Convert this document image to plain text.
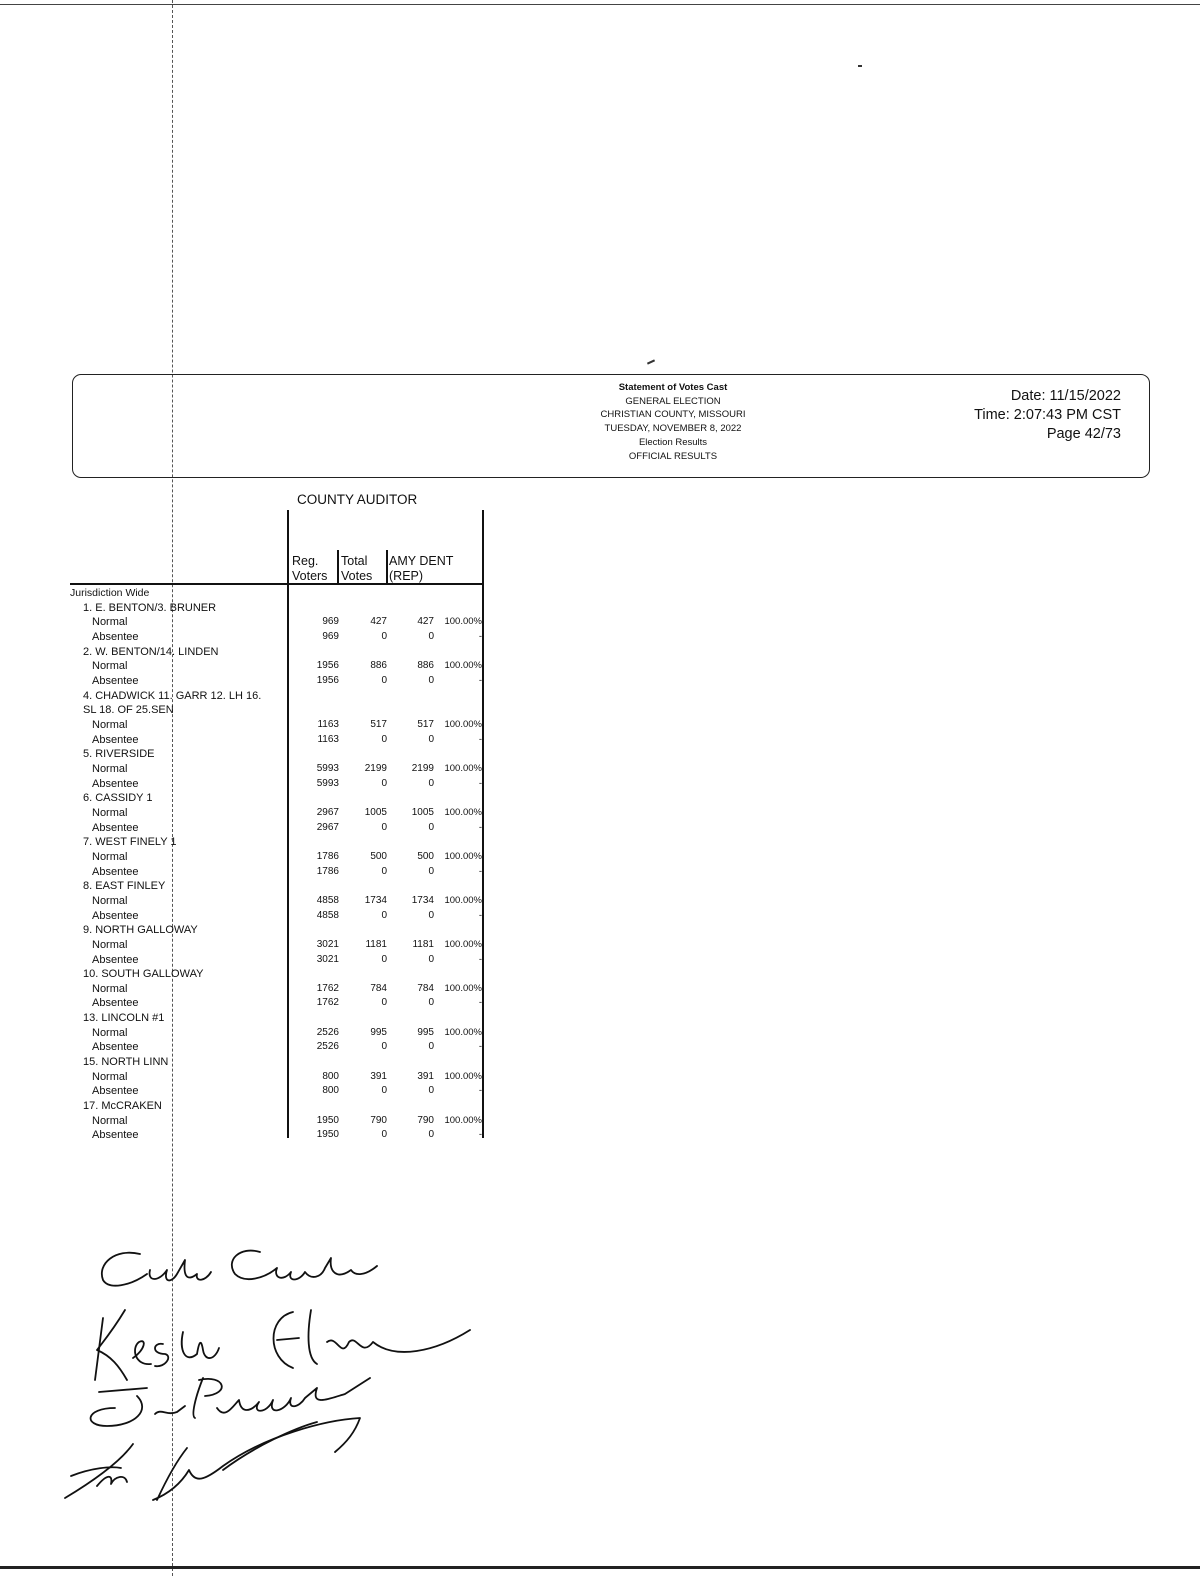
Statement of Votes Cast
GENERAL ELECTION
CHRISTIAN COUNTY, MISSOURI
TUESDAY, NOVEMBER 8, 2022
Election Results
OFFICIAL RESULTS
Date: 11/15/2022
Time: 2:07:43 PM CST
Page 42/73
COUNTY AUDITOR
Reg.
Voters
Total
Votes
AMY DENT
(REP)
Jurisdiction Wide
1. E. BENTON/3. BRUNER
Normal	969	427	427 100.00%
Absentee	969	0	0	-
2. W. BENTON/14. LINDEN
Normal	1956	886	886 100.00%
Absentee	1956	0	0	-
4. CHADWICK 11. GARR 12. LH 16.
SL 18. OF 25.SEN
Normal	1163	517	517 100.00%
Absentee	1163	0	0	-
5. RIVERSIDE
Normal	5993	2199 2199 100.00%
Absentee	5993	0	0	-
6. CASSIDY 1
Normal	2967	1005 1005 100.00%
Absentee	2967	0	0	-
7. WEST FINELY 1
Normal	1786	500	500 100.00%
Absentee	1786	0	0	-
8. EAST FINLEY
Normal	4858	1734 1734 100.00%
Absentee	4858	0	0	-
9. NORTH GALLOWAY
Normal	3021	1181	1181 100.00%
Absentee	3021	0	0	-
10. SOUTH GALLOWAY
Normal	1762	784	784 100.00%
Absentee	1762	0	0	-
13. LINCOLN #1
Normal	2526	995	995 100.00%
Absentee	2526	0	0	-
15. NORTH LINN
Normal	800	391	391 100.00%
Absentee	800	0	0	-
17. McCRAKEN
Normal	1950	790	790 100.00%
Absentee	1950	0	0	-
